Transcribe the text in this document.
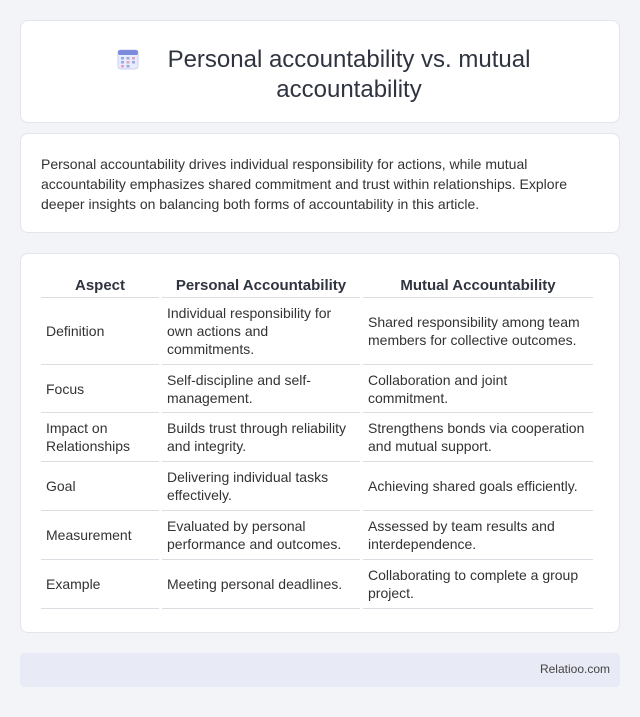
Personal accountability vs. mutual accountability

Personal accountability drives individual responsibility for actions, while mutual accountability emphasizes shared commitment and trust within relationships. Explore deeper insights on balancing both forms of accountability in this article.

Aspect	Personal Accountability	Mutual Accountability
Definition	Individual responsibility for own actions and commitments.	Shared responsibility among team members for collective outcomes.
Focus	Self-discipline and self-management.	Collaboration and joint commitment.
Impact on Relationships	Builds trust through reliability and integrity.	Strengthens bonds via cooperation and mutual support.
Goal	Delivering individual tasks effectively.	Achieving shared goals efficiently.
Measurement	Evaluated by personal performance and outcomes.	Assessed by team results and interdependence.
Example	Meeting personal deadlines.	Collaborating to complete a group project.
Relatioo.com
